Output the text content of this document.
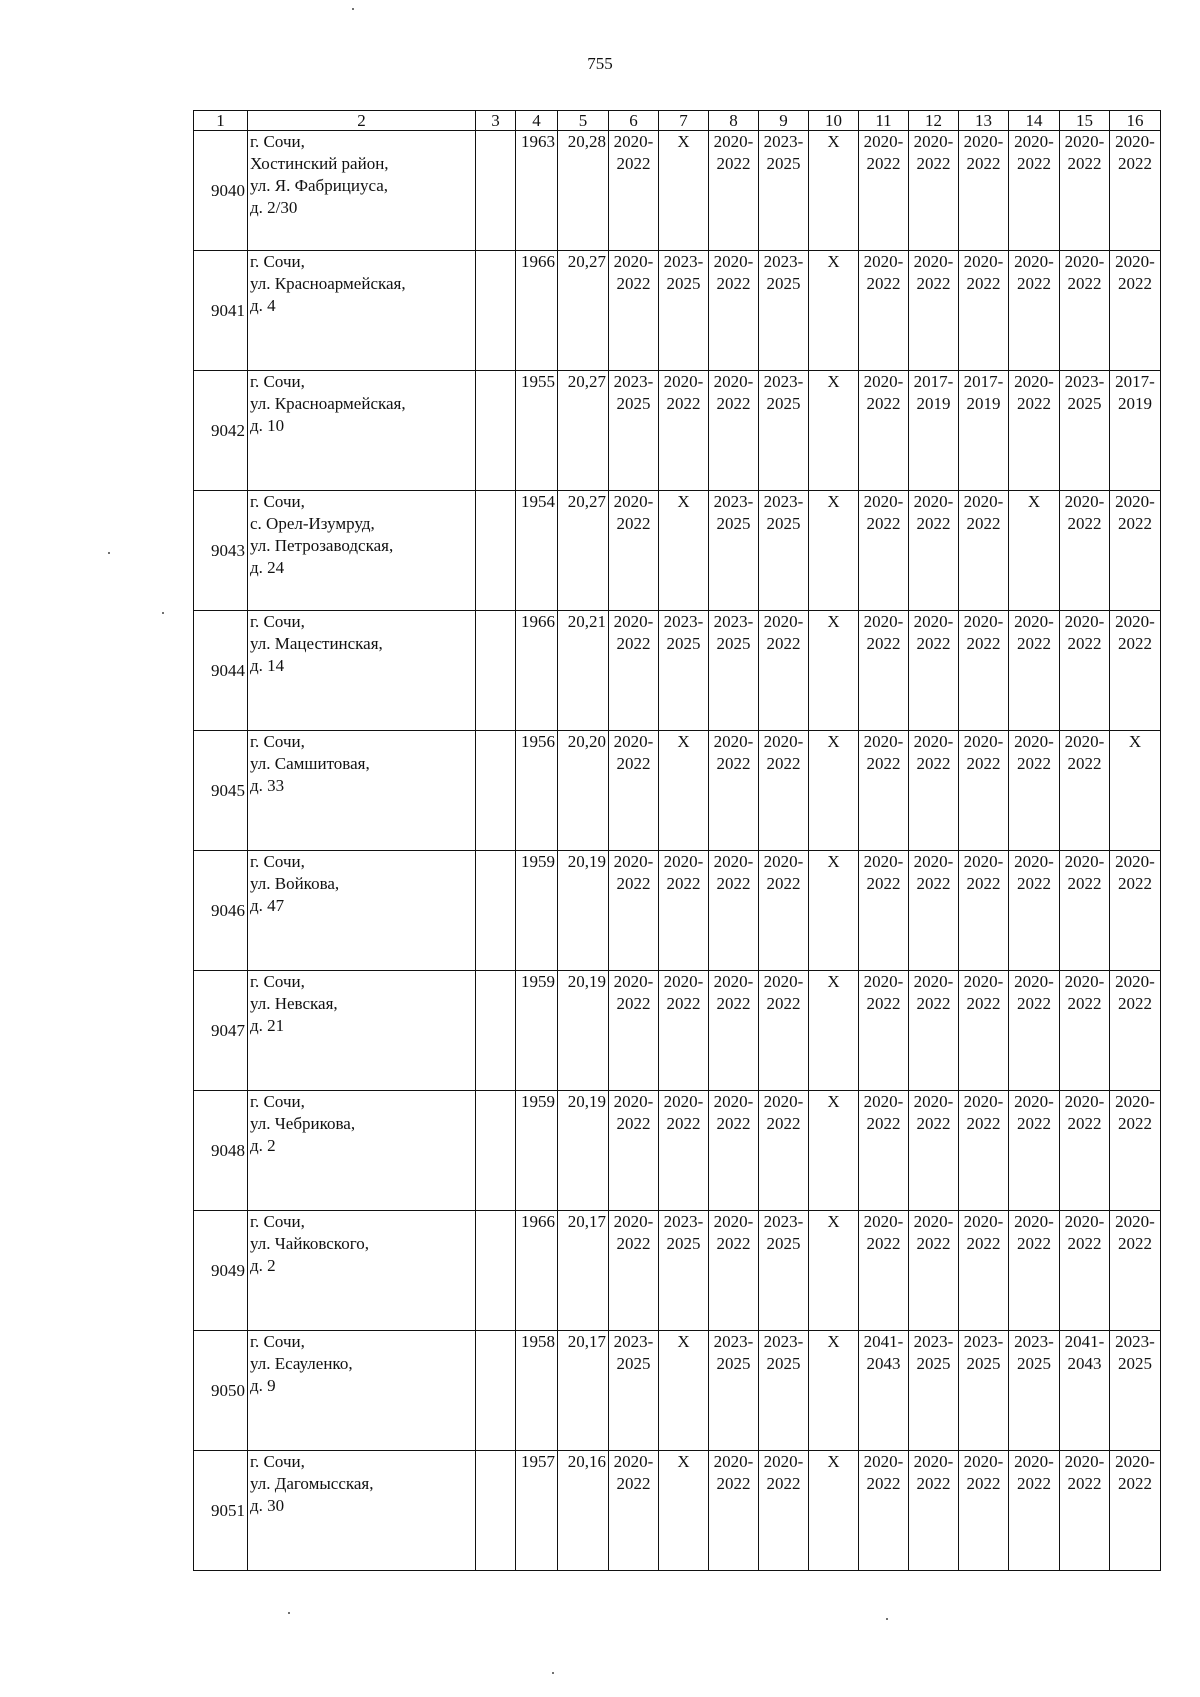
755
1	2	3	4	5	6	7	8	9	10	11	12	13	14	15	16
9040	г. Сочи,
Хостинский район,
ул. Я. Фабрициуса,
д. 2/30		1963	20,28	2020-
2022	Х	2020-
2022	2023-
2025	Х	2020-
2022	2020-
2022	2020-
2022	2020-
2022	2020-
2022	2020-
2022

9041	г. Сочи,
ул. Красноармейская,
д. 4		1966	20,27	2020-
2022	2023-
2025	2020-
2022	2023-
2025	Х	2020-
2022	2020-
2022	2020-
2022	2020-
2022	2020-
2022	2020-
2022

9042	г. Сочи,
ул. Красноармейская,
д. 10		1955	20,27	2023-
2025	2020-
2022	2020-
2022	2023-
2025	Х	2020-
2022	2017-
2019	2017-
2019	2020-
2022	2023-
2025	2017-
2019

9043	г. Сочи,
с. Орел-Изумруд,
ул. Петрозаводская,
д. 24		1954	20,27	2020-
2022	Х	2023-
2025	2023-
2025	Х	2020-
2022	2020-
2022	2020-
2022	Х	2020-
2022	2020-
2022

9044	г. Сочи,
ул. Мацестинская,
д. 14		1966	20,21	2020-
2022	2023-
2025	2023-
2025	2020-
2022	Х	2020-
2022	2020-
2022	2020-
2022	2020-
2022	2020-
2022	2020-
2022

9045	г. Сочи,
ул. Самшитовая,
д. 33		1956	20,20	2020-
2022	Х	2020-
2022	2020-
2022	Х	2020-
2022	2020-
2022	2020-
2022	2020-
2022	2020-
2022	Х

9046	г. Сочи,
ул. Войкова,
д. 47		1959	20,19	2020-
2022	2020-
2022	2020-
2022	2020-
2022	Х	2020-
2022	2020-
2022	2020-
2022	2020-
2022	2020-
2022	2020-
2022

9047	г. Сочи,
ул. Невская,
д. 21		1959	20,19	2020-
2022	2020-
2022	2020-
2022	2020-
2022	Х	2020-
2022	2020-
2022	2020-
2022	2020-
2022	2020-
2022	2020-
2022

9048	г. Сочи,
ул. Чебрикова,
д. 2		1959	20,19	2020-
2022	2020-
2022	2020-
2022	2020-
2022	Х	2020-
2022	2020-
2022	2020-
2022	2020-
2022	2020-
2022	2020-
2022

9049	г. Сочи,
ул. Чайковского,
д. 2		1966	20,17	2020-
2022	2023-
2025	2020-
2022	2023-
2025	Х	2020-
2022	2020-
2022	2020-
2022	2020-
2022	2020-
2022	2020-
2022

9050	г. Сочи,
ул. Есауленко,
д. 9		1958	20,17	2023-
2025	Х	2023-
2025	2023-
2025	Х	2041-
2043	2023-
2025	2023-
2025	2023-
2025	2041-
2043	2023-
2025

9051	г. Сочи,
ул. Дагомысская,
д. 30		1957	20,16	2020-
2022	Х	2020-
2022	2020-
2022	Х	2020-
2022	2020-
2022	2020-
2022	2020-
2022	2020-
2022	2020-
2022
